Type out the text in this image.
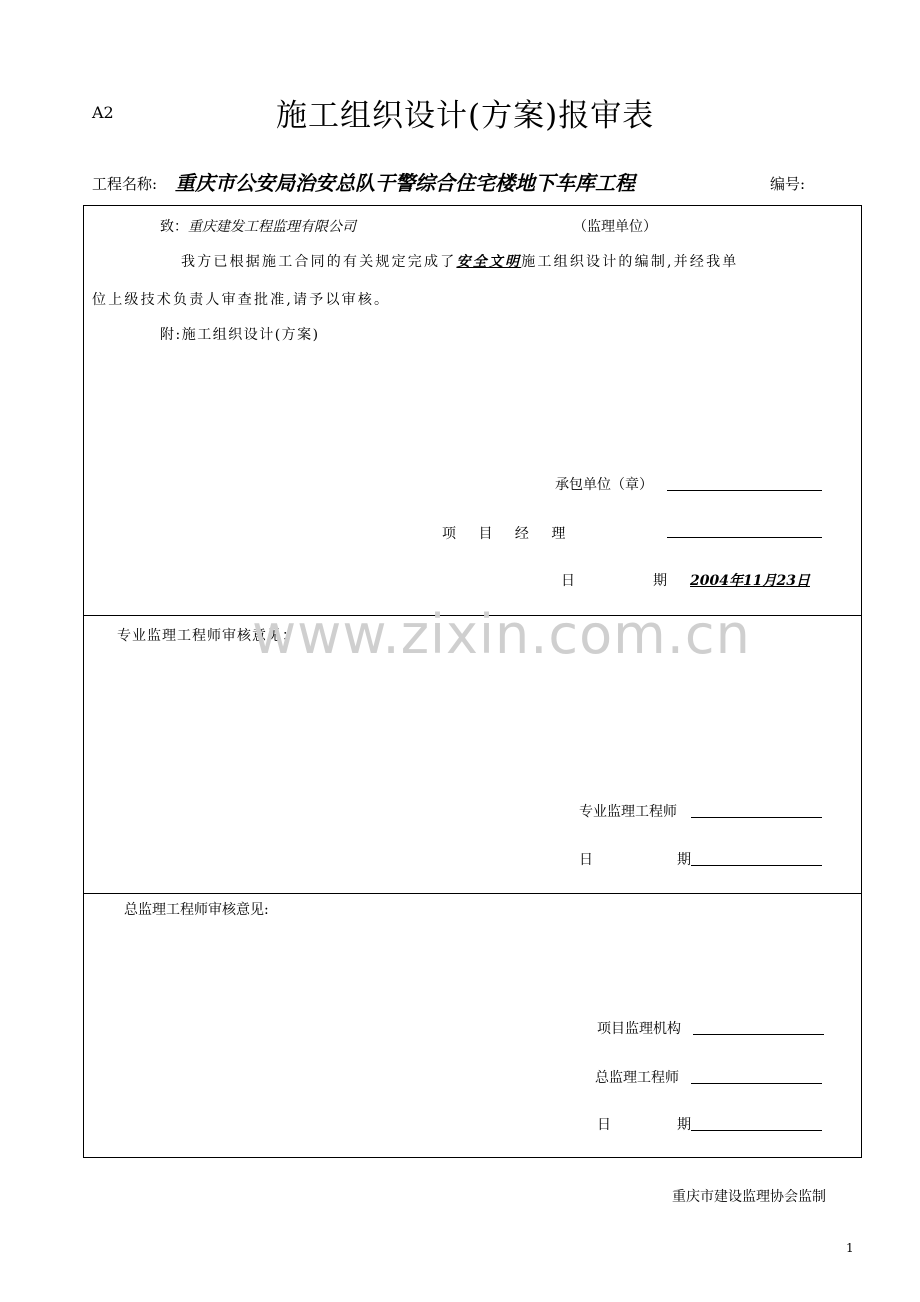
A2	施工组织设计(方案)报审表
工程名称: 重庆市公安局治安总队干警综合住宅楼地下车库工程	编号:
致：重庆建发工程监理有限公司	（监理单位）
我方已根据施工合同的有关规定完成了安全文明施工组织设计的编制,并经我单
位上级技术负责人审查批准,请予以审核。
附:施工组织设计(方案)
承包单位（章）
项 目 经 理
日	期	2004年11月23日
专业监理工程师审核意见：
专业监理工程师
日	期
总监理工程师审核意见:
项目监理机构
总监理工程师
日	期
www.zixin.com.cn
重庆市建设监理协会监制
1
